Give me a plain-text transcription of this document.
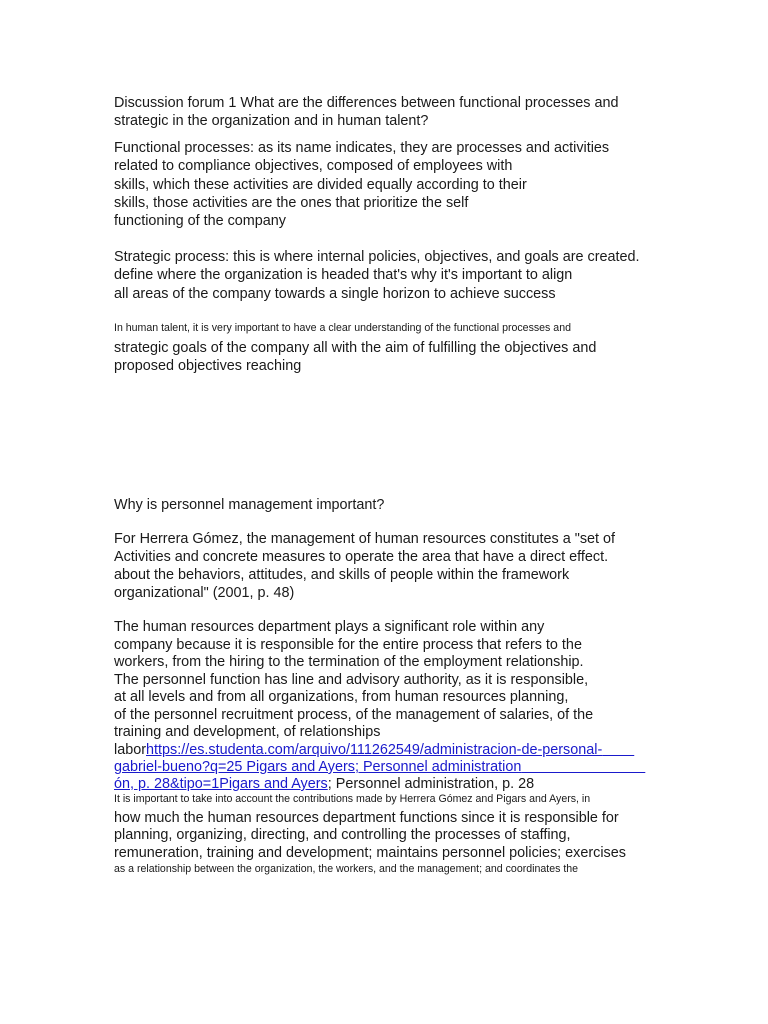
Discussion forum 1 What are the differences between functional processes and
strategic in the organization and in human talent?
Functional processes: as its name indicates, they are processes and activities
related to compliance objectives, composed of employees with
skills, which these activities are divided equally according to their
skills, those activities are the ones that prioritize the self
functioning of the company
Strategic process: this is where internal policies, objectives, and goals are created.
define where the organization is headed that's why it's important to align
all areas of the company towards a single horizon to achieve success
In human talent, it is very important to have a clear understanding of the functional processes and
strategic goals of the company all with the aim of fulfilling the objectives and
proposed objectives reaching
Why is personnel management important?
For Herrera Gómez, the management of human resources constitutes a "set of
Activities and concrete measures to operate the area that have a direct effect.
about the behaviors, attitudes, and skills of people within the framework
organizational" (2001, p. 48)
The human resources department plays a significant role within any
company because it is responsible for the entire process that refers to the
workers, from the hiring to the termination of the employment relationship.
The personnel function has line and advisory authority, as it is responsible,
at all levels and from all organizations, from human resources planning,
of the personnel recruitment process, of the management of salaries, of the
training and development, of relationships
laborhttps://es.studenta.com/arquivo/111262549/administracion-de-personal-
gabriel-bueno?q=25 Pigars and Ayers; Personnel administration
ón, p. 28&tipo=1Pigars and Ayers; Personnel administration, p. 28
It is important to take into account the contributions made by Herrera Gómez and Pigars and Ayers, in
how much the human resources department functions since it is responsible for
planning, organizing, directing, and controlling the processes of staffing,
remuneration, training and development; maintains personnel policies; exercises
as a relationship between the organization, the workers, and the management; and coordinates the
